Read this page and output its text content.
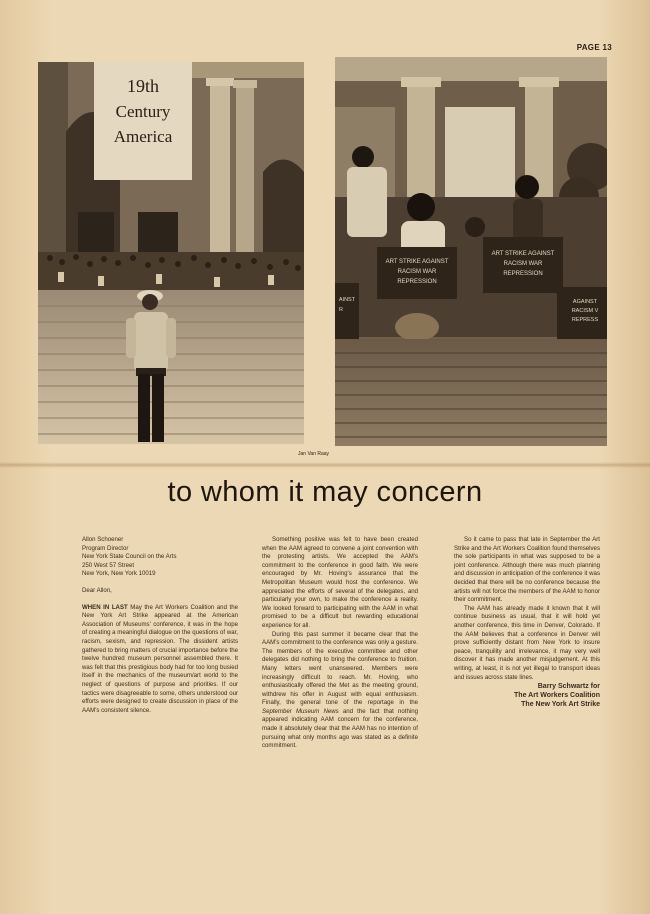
PAGE 13
19th
Century
America
ART STRIKE AGAINST
RACISM WAR
REPRESSION
ART STRIKE AGAINST
RACISM WAR
REPRESSION
AGAINST
RACISM V
REPRESS
AINST
R
Jan Van Raay
to whom it may concern

Allon Schoener

Program Director

New York State Council on the Arts

250 West 57 Street

New York, New York 10019

Dear Allon,

WHEN IN LAST May the Art Workers Coalition and the New York Art Strike appeared at the American Association of Museums' conference, it was in the hope of creating a meaningful dialogue on the questions of war, racism, sexism, and repression. The dissident artists gathered to bring matters of crucial importance before the twelve hundred museum personnel assembled there. It was felt that this prestigious body had for too long busied itself in the mechanics of the museum/art world to the neglect of questions of purpose and priorities. If our tactics were disagreeable to some, others understood our efforts were designed to create discussion in place of the AAM's consistent silence.

Something positive was felt to have been created when the AAM agreed to convene a joint convention with the protesting artists. We accepted the AAM's commitment to the conference in good faith. We were encouraged by Mr. Hoving's assurance that the Metropolitan Museum would host the conference. We appreciated the efforts of several of the delegates, and particularly your own, to make the conference a reality. We looked forward to participating with the AAM in what promised to be a difficult but rewarding educational experience for all.

During this past summer it became clear that the AAM's commitment to the conference was only a gesture. The members of the executive committee and other delegates did nothing to bring the conference to fruition. Many letters went unanswered. Members were increasingly difficult to reach. Mr. Hoving, who enthusiastically offered the Met as the meeting ground, withdrew his offer in August with equal enthusiasm. Finally, the general tone of the reportage in the September Museum News and the fact that nothing appeared indicating AAM concern for the conference, made it absolutely clear that the AAM has no intention of pursuing what only months ago was stated as a definite commitment.

So it came to pass that late in September the Art Strike and the Art Workers Coalition found themselves the sole participants in what was supposed to be a joint conference. Although there was much planning and discussion in anticipation of the conference it was decided that there will be no conference because the artists will not force the members of the AAM to honor their commitment.

The AAM has already made it known that it will continue business as usual, that it will hold yet another conference, this time in Denver, Colorado. If the AAM believes that a conference in Denver will prove sufficiently distant from New York to insure peace, tranquility and irrelevance, it may very well discover it has made another misjudgement. At this writing, at least, it is not yet illegal to transport ideas and issues across state lines.

Barry Schwartz for

The Art Workers Coalition

The New York Art Strike
